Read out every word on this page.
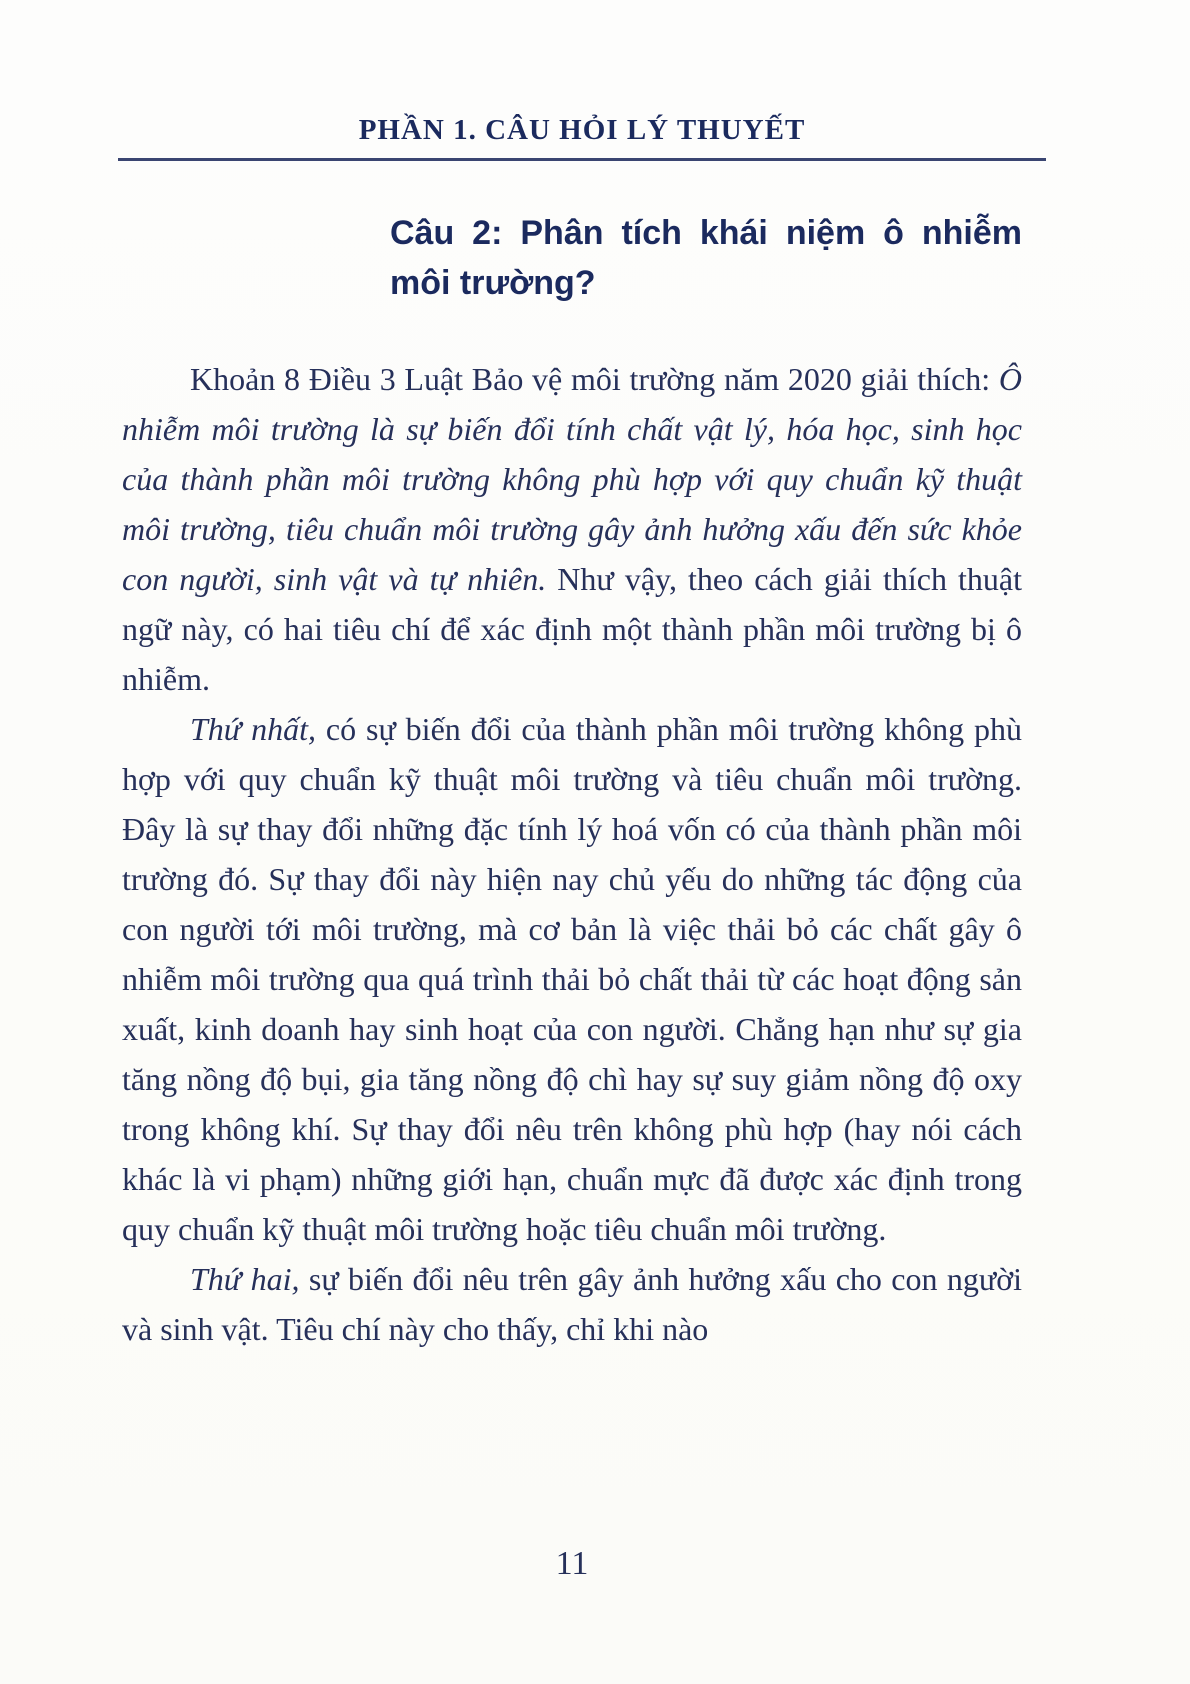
PHẦN 1. CÂU HỎI LÝ THUYẾT
Câu 2: Phân tích khái niệm ô nhiễm môi trường?

Khoản 8 Điều 3 Luật Bảo vệ môi trường năm 2020 giải thích: Ô nhiễm môi trường là sự biến đổi tính chất vật lý, hóa học, sinh học của thành phần môi trường không phù hợp với quy chuẩn kỹ thuật môi trường, tiêu chuẩn môi trường gây ảnh hưởng xấu đến sức khỏe con người, sinh vật và tự nhiên. Như vậy, theo cách giải thích thuật ngữ này, có hai tiêu chí để xác định một thành phần môi trường bị ô nhiễm.

Thứ nhất, có sự biến đổi của thành phần môi trường không phù hợp với quy chuẩn kỹ thuật môi trường và tiêu chuẩn môi trường. Đây là sự thay đổi những đặc tính lý hoá vốn có của thành phần môi trường đó. Sự thay đổi này hiện nay chủ yếu do những tác động của con người tới môi trường, mà cơ bản là việc thải bỏ các chất gây ô nhiễm môi trường qua quá trình thải bỏ chất thải từ các hoạt động sản xuất, kinh doanh hay sinh hoạt của con người. Chẳng hạn như sự gia tăng nồng độ bụi, gia tăng nồng độ chì hay sự suy giảm nồng độ oxy trong không khí. Sự thay đổi nêu trên không phù hợp (hay nói cách khác là vi phạm) những giới hạn, chuẩn mực đã được xác định trong quy chuẩn kỹ thuật môi trường hoặc tiêu chuẩn môi trường.

Thứ hai, sự biến đổi nêu trên gây ảnh hưởng xấu cho con người và sinh vật. Tiêu chí này cho thấy, chỉ khi nào

11
